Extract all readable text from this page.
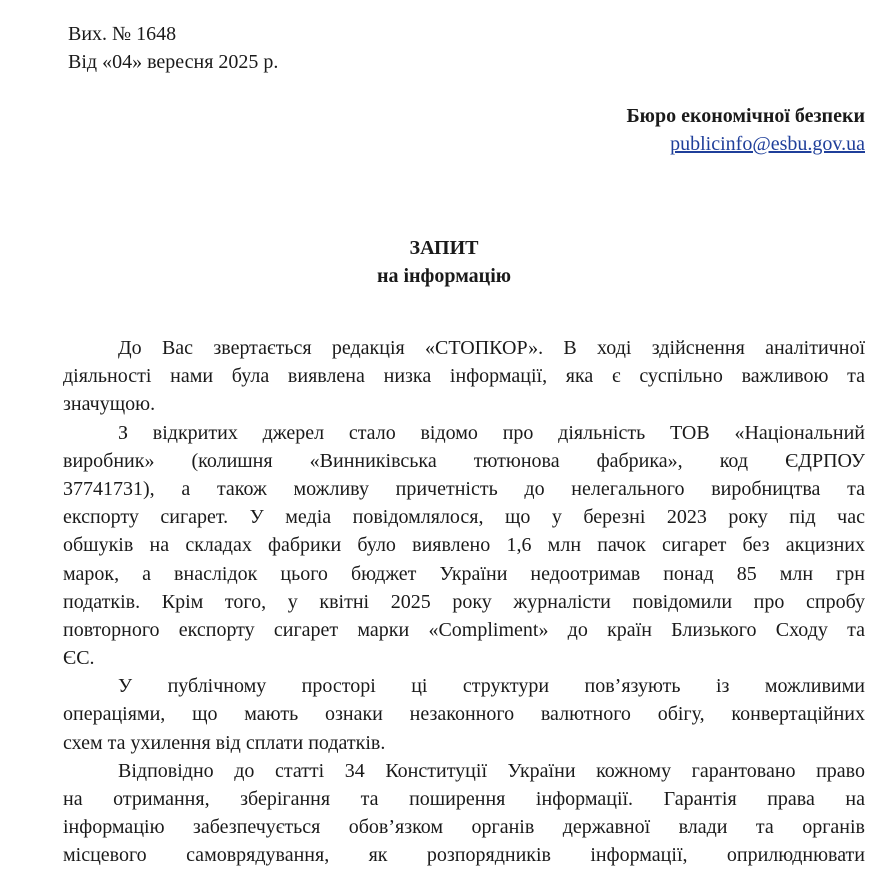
Вих. № 1648
Від «04» вересня 2025 р.
Бюро економічної безпеки
publicinfo@esbu.gov.ua
ЗАПИТ
на інформацію
До Вас звертається редакція «СТОПКОР». В ході здійснення аналітичної
діяльності нами була виявлена низка інформації, яка є суспільно важливою та
значущою.
З відкритих джерел стало відомо про діяльність ТОВ «Національний
виробник» (колишня «Винниківська тютюнова фабрика», код ЄДРПОУ
37741731), а також можливу причетність до нелегального виробництва та
експорту сигарет. У медіа повідомлялося, що у березні 2023 року під час
обшуків на складах фабрики було виявлено 1,6 млн пачок сигарет без акцизних
марок, а внаслідок цього бюджет України недоотримав понад 85 млн грн
податків. Крім того, у квітні 2025 року журналісти повідомили про спробу
повторного експорту сигарет марки «Compliment» до країн Близького Сходу та
ЄС.
У публічному просторі ці структури пов’язують із можливими
операціями, що мають ознаки незаконного валютного обігу, конвертаційних
схем та ухилення від сплати податків.
Відповідно до статті 34 Конституції України кожному гарантовано право
на отримання, зберігання та поширення інформації. Гарантія права на
інформацію забезпечується обов’язком органів державної влади та органів
місцевого самоврядування, як розпорядників інформації, оприлюднювати
